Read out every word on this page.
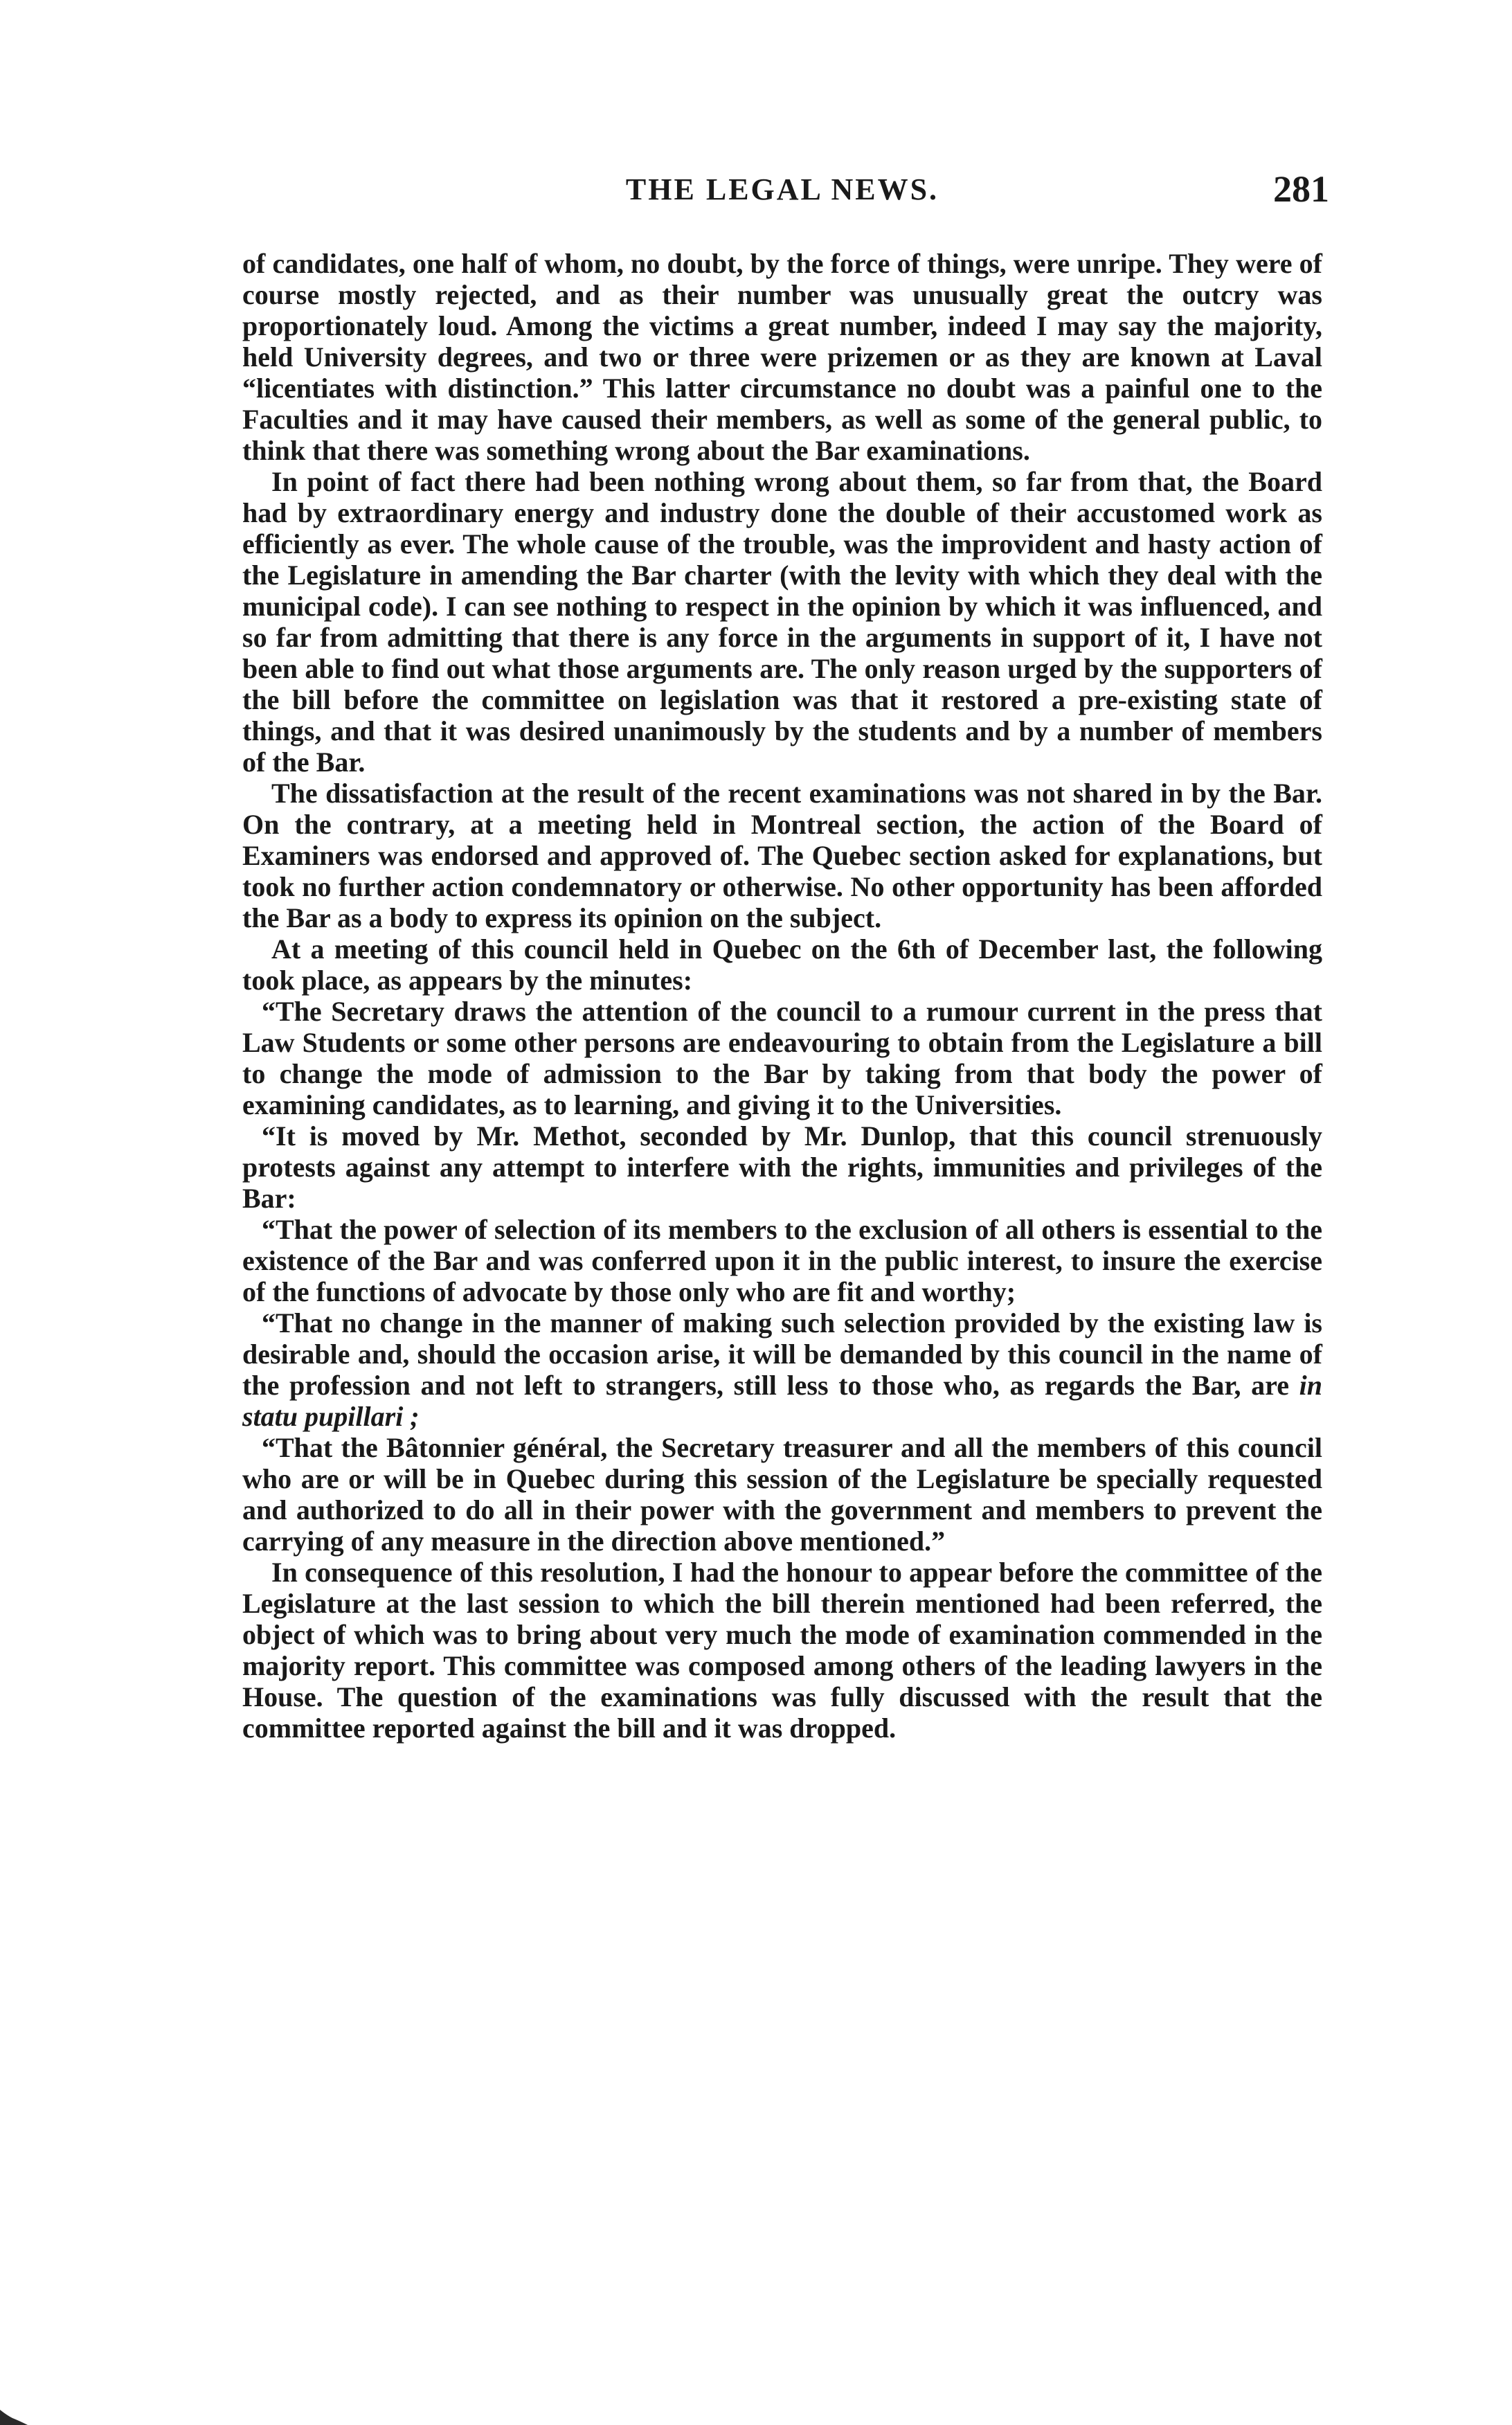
THE LEGAL NEWS.	281

of candidates, one half of whom, no doubt, by the force of things, were unripe. They were of course mostly rejected, and as their number was unusually great the outcry was proportionately loud. Among the victims a great number, indeed I may say the majority, held University degrees, and two or three were prizemen or as they are known at Laval “licentiates with distinction.” This latter circumstance no doubt was a painful one to the Faculties and it may have caused their members, as well as some of the general public, to think that there was something wrong about the Bar examinations.

In point of fact there had been nothing wrong about them, so far from that, the Board had by extraordinary energy and industry done the double of their accustomed work as efficiently as ever. The whole cause of the trouble, was the improvident and hasty action of the Legislature in amending the Bar charter (with the levity with which they deal with the municipal code). I can see nothing to respect in the opinion by which it was influenced, and so far from admitting that there is any force in the arguments in support of it, I have not been able to find out what those arguments are. The only reason urged by the supporters of the bill before the committee on legislation was that it restored a pre-existing state of things, and that it was desired unanimously by the students and by a number of members of the Bar.

The dissatisfaction at the result of the recent examinations was not shared in by the Bar. On the contrary, at a meeting held in Montreal section, the action of the Board of Examiners was endorsed and approved of. The Quebec section asked for explanations, but took no further action condemnatory or otherwise. No other opportunity has been afforded the Bar as a body to express its opinion on the subject.

At a meeting of this council held in Quebec on the 6th of December last, the following took place, as appears by the minutes:

“The Secretary draws the attention of the council to a rumour current in the press that Law Students or some other persons are endeavouring to obtain from the Legislature a bill to change the mode of admission to the Bar by taking from that body the power of examining candidates, as to learning, and giving it to the Universities.

“It is moved by Mr. Methot, seconded by Mr. Dunlop, that this council strenuously protests against any attempt to interfere with the rights, immunities and privileges of the Bar:

“That the power of selection of its members to the exclusion of all others is essential to the existence of the Bar and was conferred upon it in the public interest, to insure the exercise of the functions of advocate by those only who are fit and worthy;

“That no change in the manner of making such selection provided by the existing law is desirable and, should the occasion arise, it will be demanded by this council in the name of the profession and not left to strangers, still less to those who, as regards the Bar, are in statu pupillari ;

“That the Bâtonnier général, the Secretary treasurer and all the members of this council who are or will be in Quebec during this session of the Legislature be specially requested and authorized to do all in their power with the government and members to prevent the carrying of any measure in the direction above mentioned.”

In consequence of this resolution, I had the honour to appear before the committee of the Legislature at the last session to which the bill therein mentioned had been referred, the object of which was to bring about very much the mode of examination commended in the majority report. This committee was composed among others of the leading lawyers in the House. The question of the examinations was fully discussed with the result that the committee reported against the bill and it was dropped.
